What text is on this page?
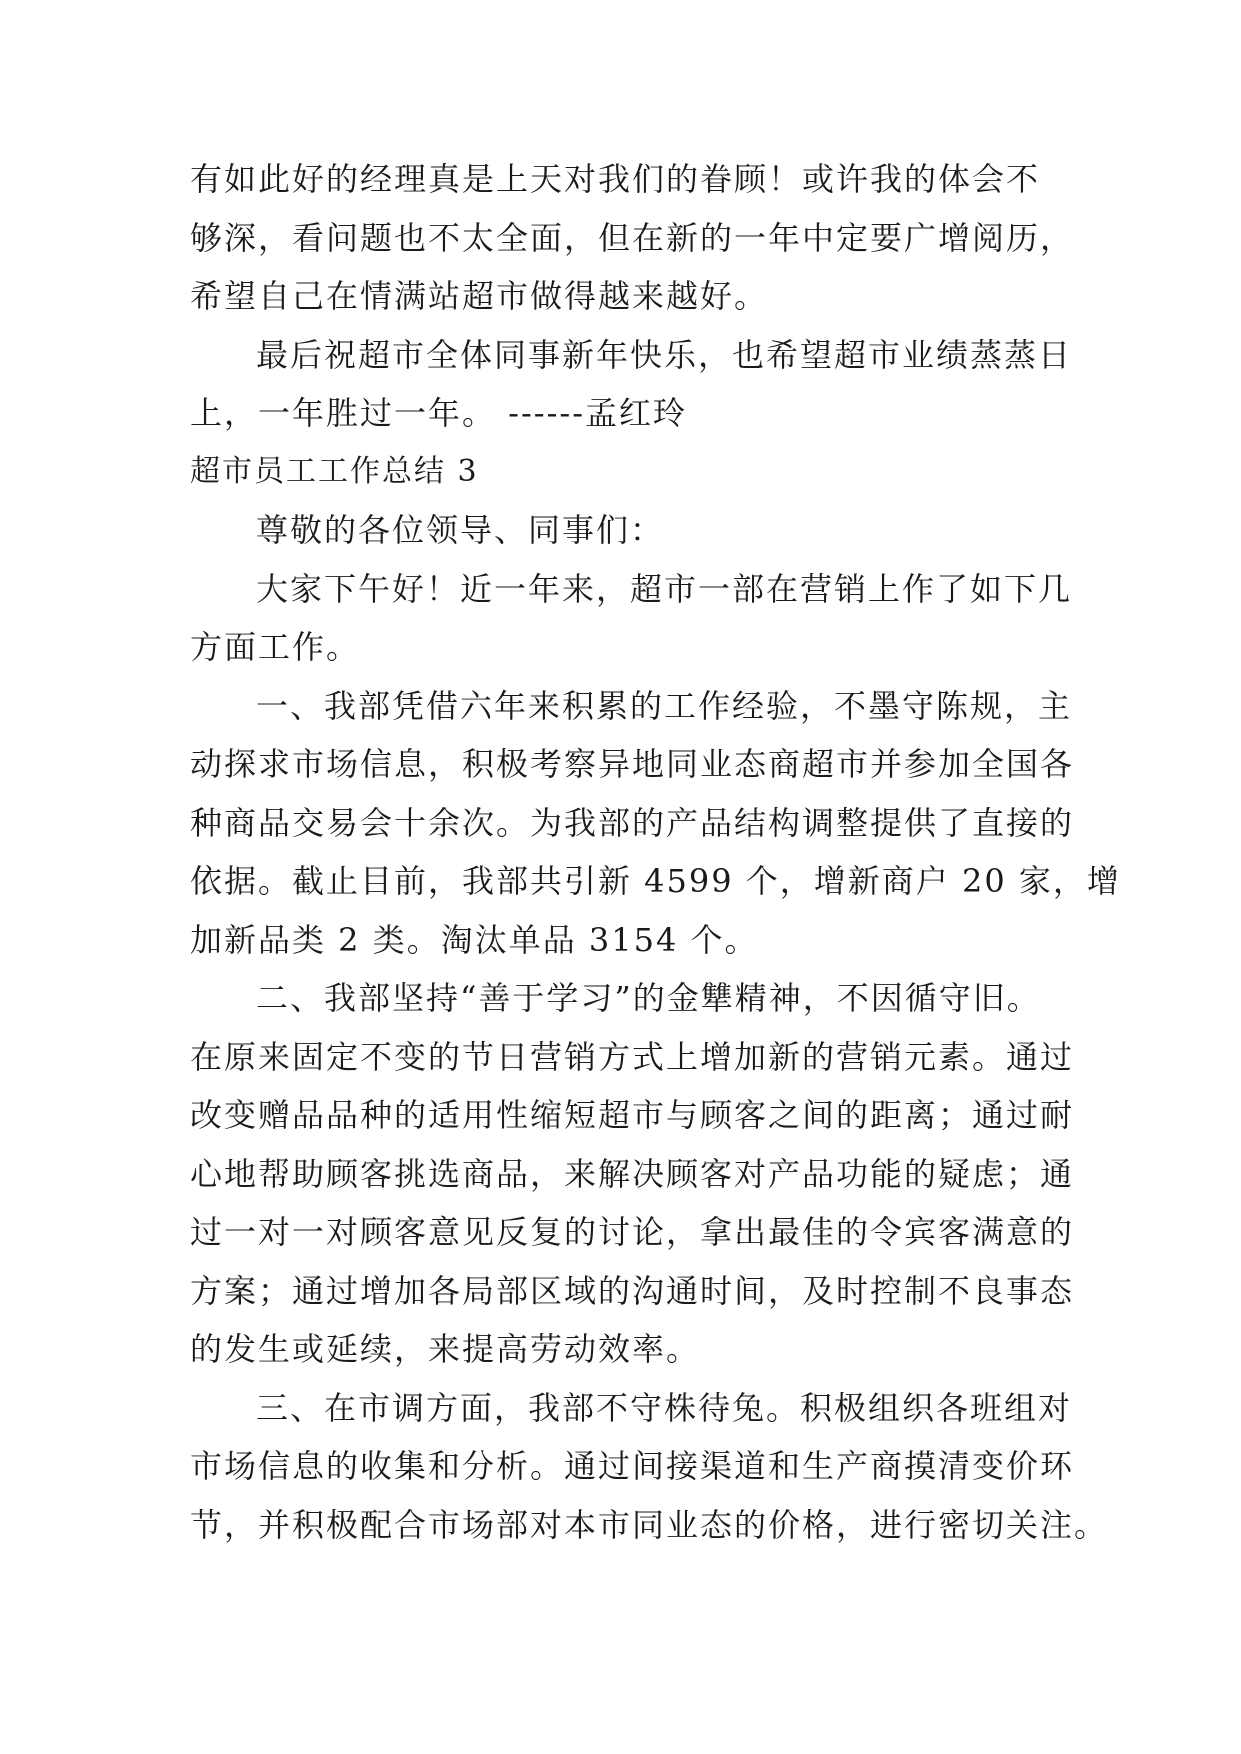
有如此好的经理真是上天对我们的眷顾！或许我的体会不
够深，看问题也不太全面，但在新的一年中定要广增阅历，
希望自己在情满站超市做得越来越好。
最后祝超市全体同事新年快乐，也希望超市业绩蒸蒸日
上，一年胜过一年。 ------孟红玲
超市员工工作总结 3
尊敬的各位领导、同事们：
大家下午好！近一年来，超市一部在营销上作了如下几
方面工作。
一、我部凭借六年来积累的工作经验，不墨守陈规，主
动探求市场信息，积极考察异地同业态商超市并参加全国各
种商品交易会十余次。为我部的产品结构调整提供了直接的
依据。截止目前，我部共引新 4599 个，增新商户 20 家，增
加新品类 2 类。淘汰单品 3154 个。
二、我部坚持“善于学习”的金犨精神，不因循守旧。
在原来固定不变的节日营销方式上增加新的营销元素。通过
改变赠品品种的适用性缩短超市与顾客之间的距离；通过耐
心地帮助顾客挑选商品，来解决顾客对产品功能的疑虑；通
过一对一对顾客意见反复的讨论，拿出最佳的令宾客满意的
方案；通过增加各局部区域的沟通时间，及时控制不良事态
的发生或延续，来提高劳动效率。
三、在市调方面，我部不守株待兔。积极组织各班组对
市场信息的收集和分析。通过间接渠道和生产商摸清变价环
节，并积极配合市场部对本市同业态的价格，进行密切关注。
